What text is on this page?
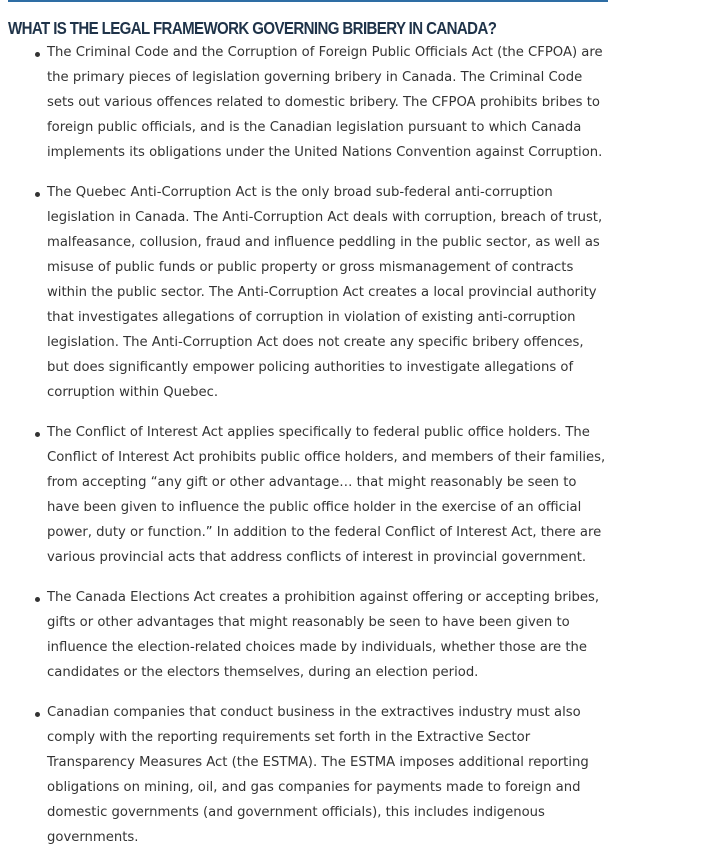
WHAT IS THE LEGAL FRAMEWORK GOVERNING BRIBERY IN CANADA?
The Criminal Code and the Corruption of Foreign Public Officials Act (the CFPOA) are the primary pieces of legislation governing bribery in Canada. The Criminal Code sets out various offences related to domestic bribery. The CFPOA prohibits bribes to foreign public officials, and is the Canadian legislation pursuant to which Canada implements its obligations under the United Nations Convention against Corruption.
The Quebec Anti-Corruption Act is the only broad sub-federal anti-corruption legislation in Canada. The Anti-Corruption Act deals with corruption, breach of trust, malfeasance, collusion, fraud and influence peddling in the public sector, as well as misuse of public funds or public property or gross mismanagement of contracts within the public sector. The Anti-Corruption Act creates a local provincial authority that investigates allegations of corruption in violation of existing anti-corruption legislation. The Anti-Corruption Act does not create any specific bribery offences, but does significantly empower policing authorities to investigate allegations of corruption within Quebec.
The Conflict of Interest Act applies specifically to federal public office holders. The Conflict of Interest Act prohibits public office holders, and members of their families, from accepting “any gift or other advantage… that might reasonably be seen to have been given to influence the public office holder in the exercise of an official power, duty or function.” In addition to the federal Conflict of Interest Act, there are various provincial acts that address conflicts of interest in provincial government.
The Canada Elections Act creates a prohibition against offering or accepting bribes, gifts or other advantages that might reasonably be seen to have been given to influence the election-related choices made by individuals, whether those are the candidates or the electors themselves, during an election period.
Canadian companies that conduct business in the extractives industry must also comply with the reporting requirements set forth in the Extractive Sector Transparency Measures Act (the ESTMA). The ESTMA imposes additional reporting obligations on mining, oil, and gas companies for payments made to foreign and domestic governments (and government officials), this includes indigenous governments.
